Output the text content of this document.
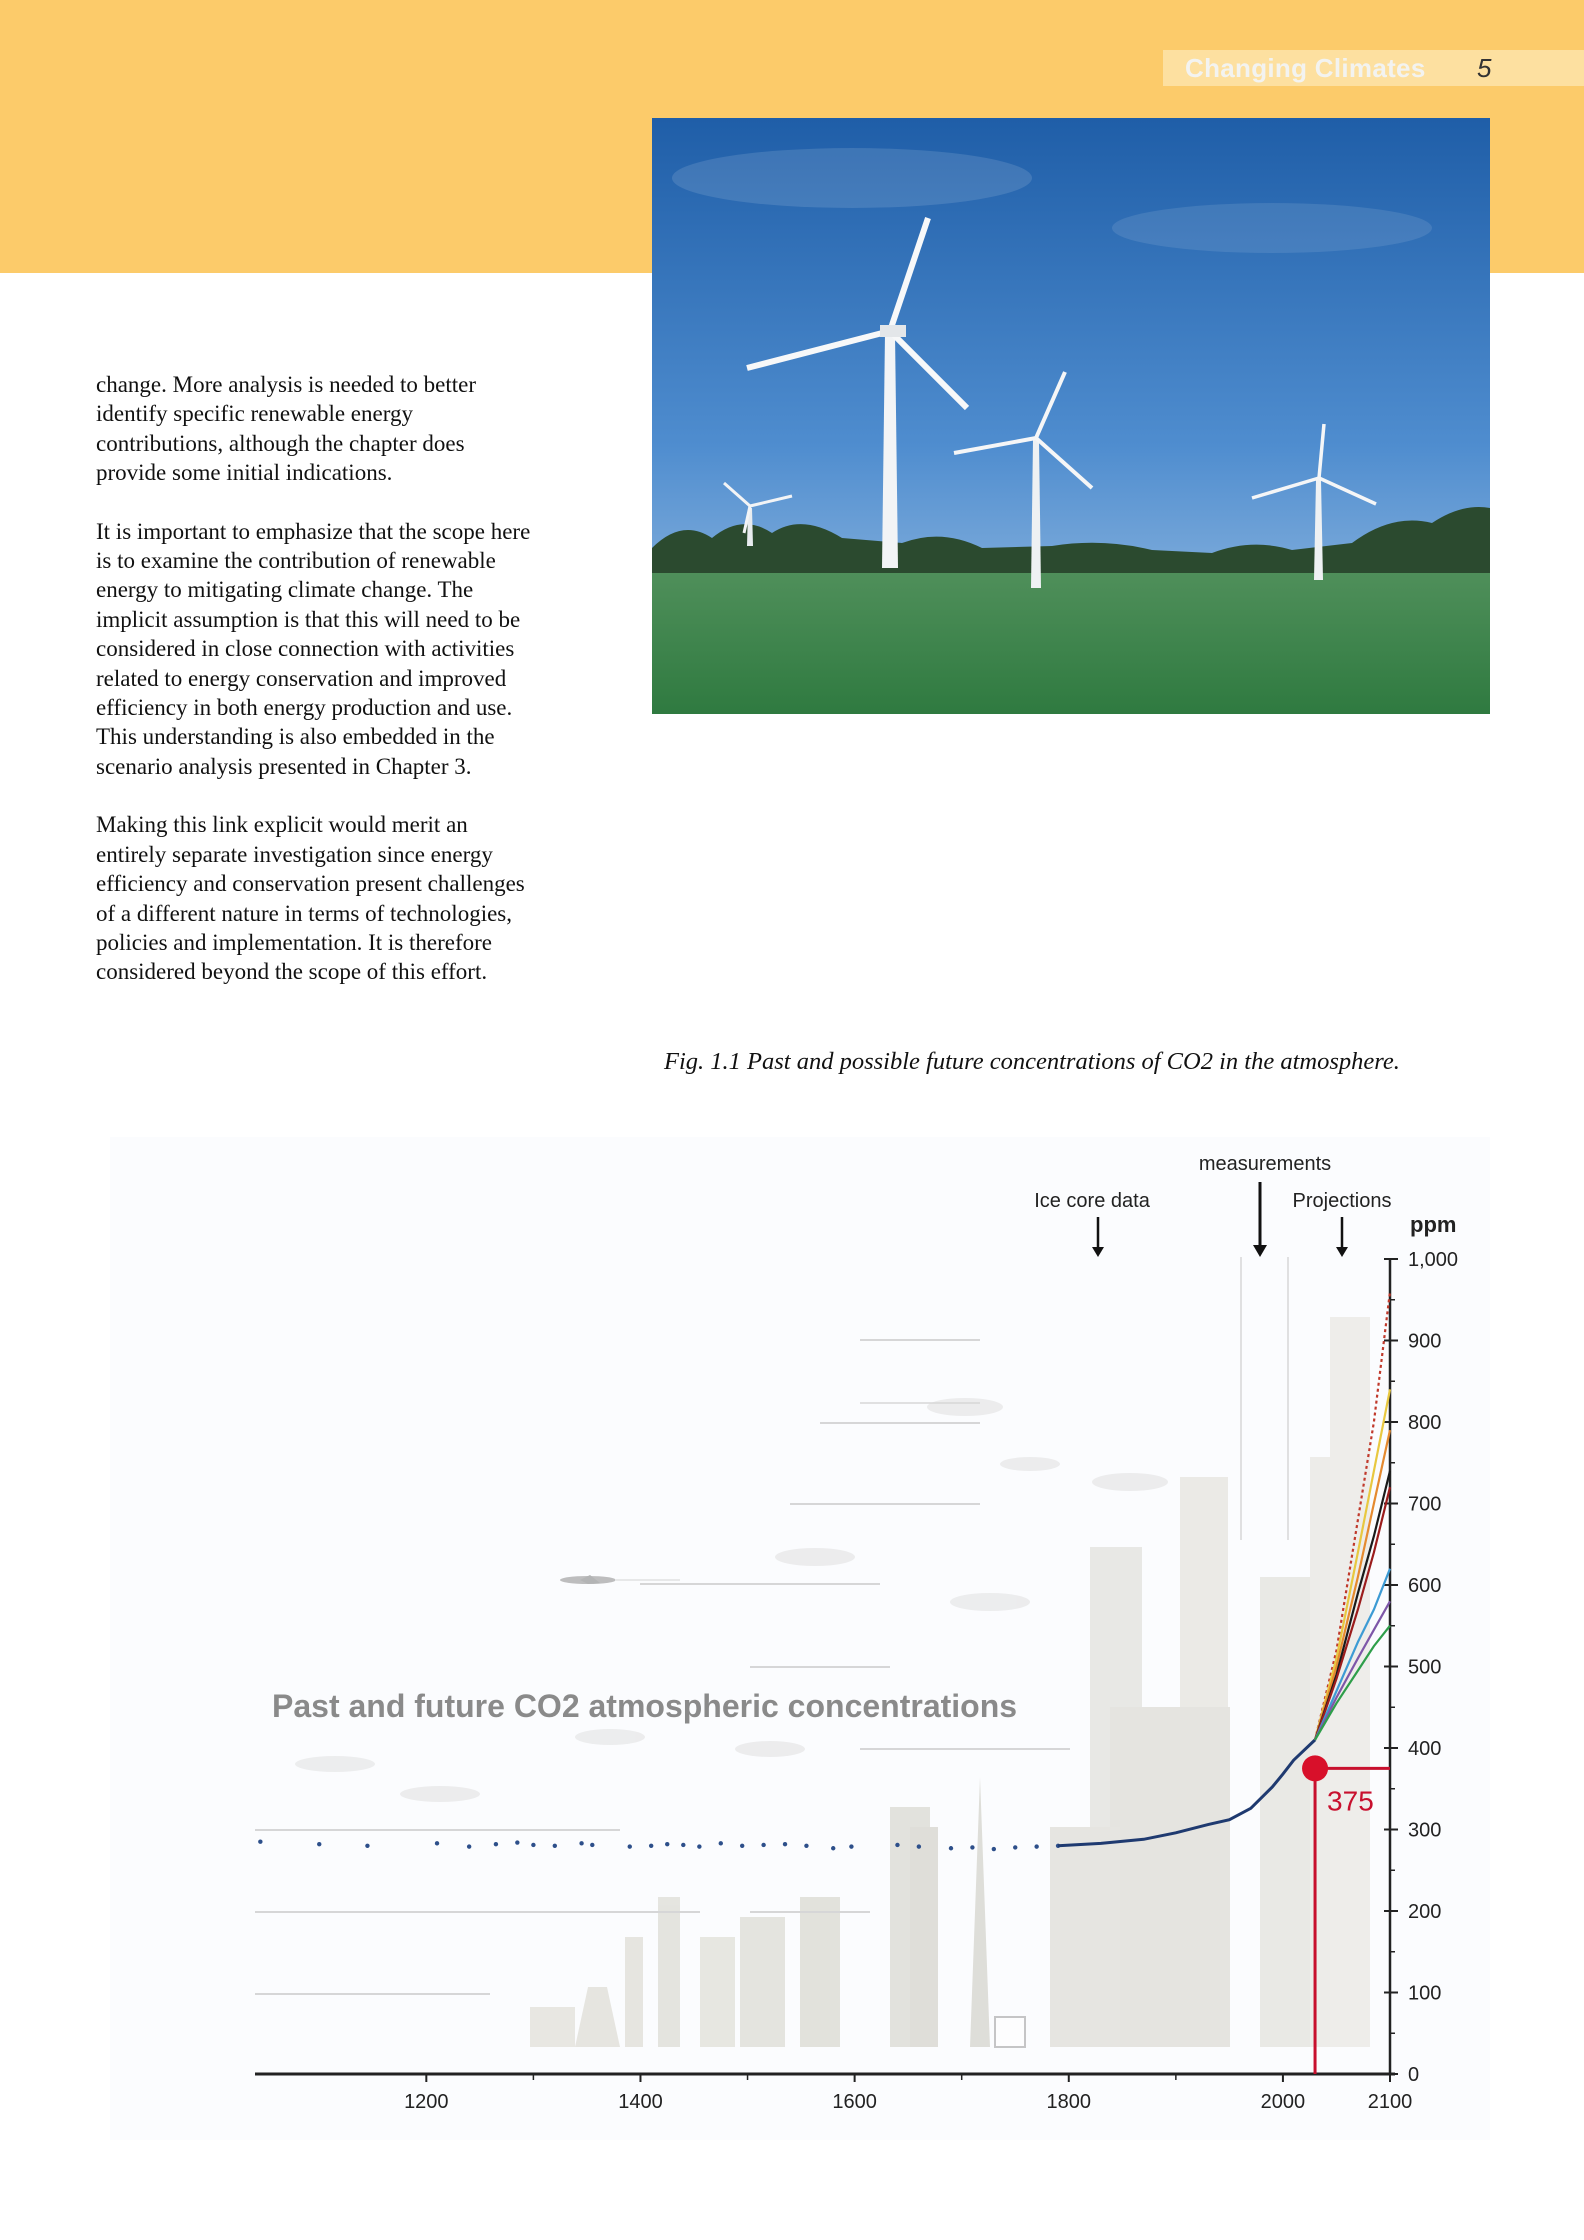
Changing Climates 5

change. More analysis is needed to better identify specific renewable energy contributions, although the chapter does provide some initial indications.

It is important to emphasize that the scope here is to examine the contribution of renewable energy to mitigating climate change. The implicit assumption is that this will need to be considered in close connection with activities related to energy conservation and improved efficiency in both energy production and use. This understanding is also embedded in the scenario analysis presented in Chapter 3.

Making this link explicit would merit an entirely separate investigation since energy efficiency and conservation present challenges of a different nature in terms of technologies, policies and implementation. It is therefore considered beyond the scope of this effort.

Fig. 1.1 Past and possible future concentrations of CO2 in the atmosphere.
0
100
200
300
400
500
600
700
800
900
1,000
1200	1400	1600	1800	2000	2100
Past and future CO2 atmospheric concentrations
Ice core data
measurements
Projections
ppm
375
